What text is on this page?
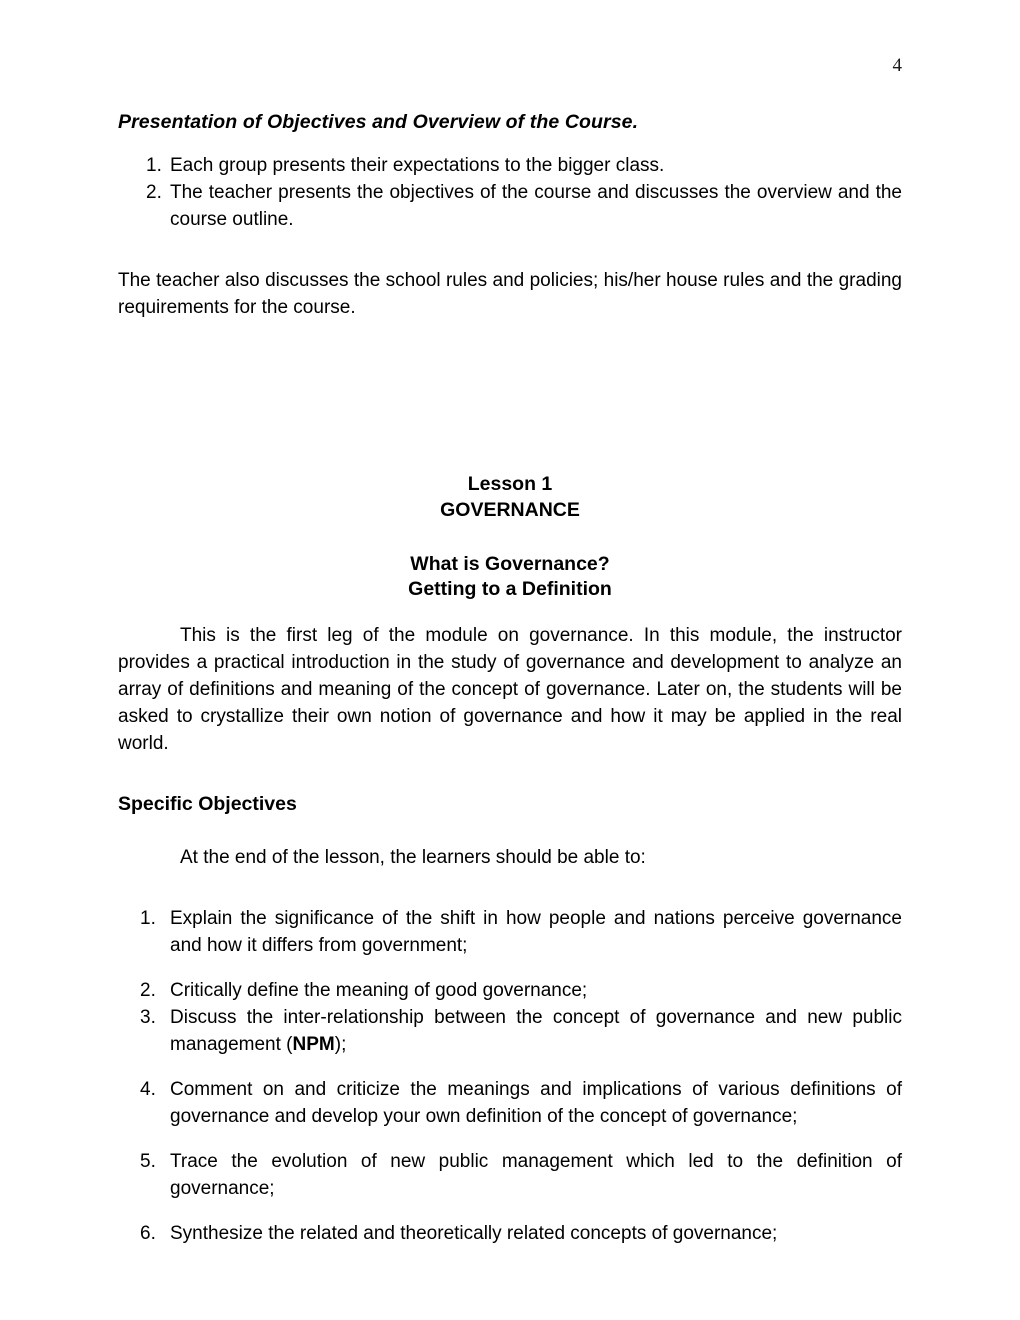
4
Presentation of Objectives and Overview of the Course.
1. Each group presents their expectations to the bigger class.
2. The teacher presents the objectives of the course and discusses the overview and the course outline.

The teacher also discusses the school rules and policies; his/her house rules and the grading requirements for the course.

Lesson 1
GOVERNANCE
What is Governance?
Getting to a Definition

This is the first leg of the module on governance. In this module, the instructor provides a practical introduction in the study of governance and development to analyze an array of definitions and meaning of the concept of governance. Later on, the students will be asked to crystallize their own notion of governance and how it may be applied in the real world.

Specific Objectives

At the end of the lesson, the learners should be able to:

1. Explain the significance of the shift in how people and nations perceive governance and how it differs from government;
2. Critically define the meaning of good governance;
3. Discuss the inter-relationship between the concept of governance and new public management (NPM);
4. Comment on and criticize the meanings and implications of various definitions of governance and develop your own definition of the concept of governance;
5. Trace the evolution of new public management which led to the definition of governance;
6. Synthesize the related and theoretically related concepts of governance;
